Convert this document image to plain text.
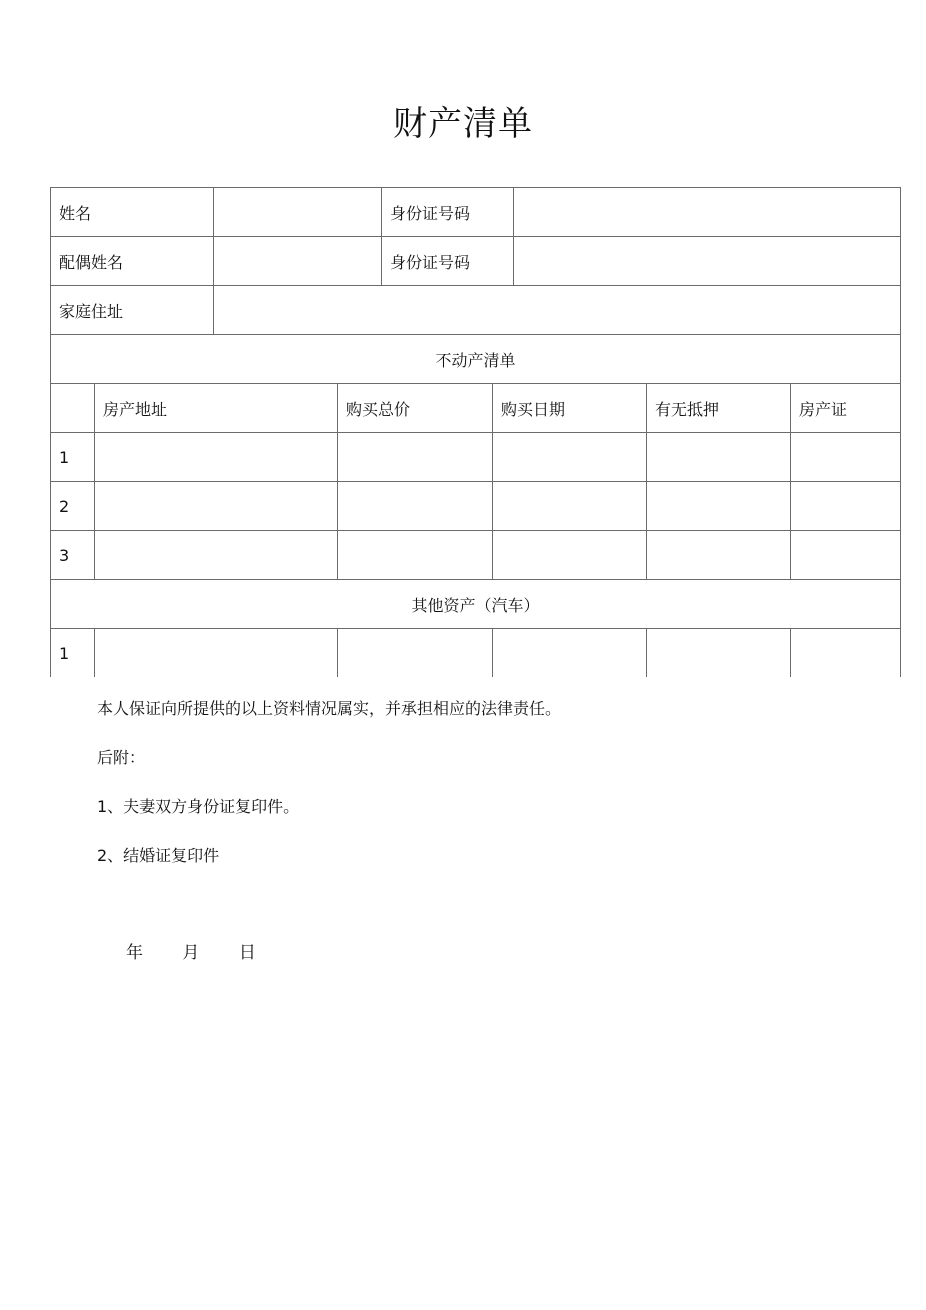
财产清单
姓名				身份证号码				
配偶姓名				身份证号码				
家庭住址								
不动产清单								
	房产地址		购买总价		购买日期		有无抵押	房产证
1								
2								
3								
其他资产（汽车）								
1								
本人保证向所提供的以上资料情况属实，并承担相应的法律责任。
后附：
1、夫妻双方身份证复印件。
2、结婚证复印件
年 月 日
